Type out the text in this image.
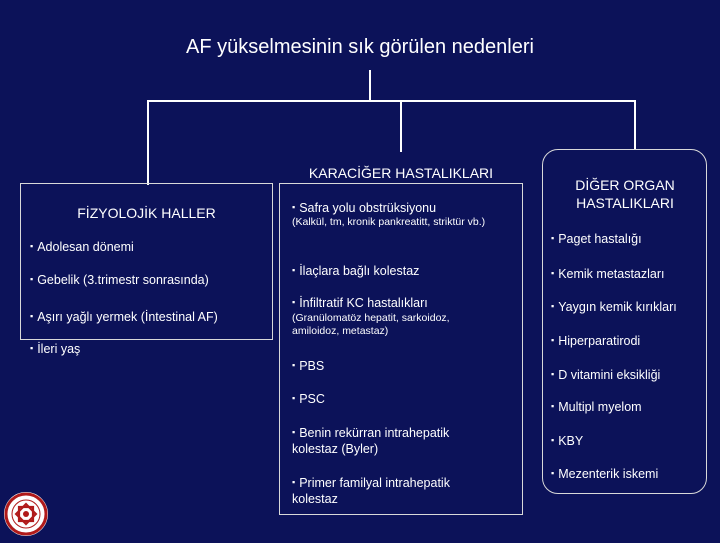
AF yükselmesinin sık görülen nedenleri
FİZYOLOJİK HALLER
▪ Adolesan dönemi
▪ Gebelik (3.trimestr sonrasında)
▪ Aşırı yağlı yermek (İntestinal AF)
▪ İleri yaş
KARACİĞER HASTALIKLARI
▪ Safra yolu obstrüksiyonu
(Kalkül, tm, kronik pankreatitt, striktür vb.)
▪ İlaçlara bağlı kolestaz
▪ İnfiltratif KC hastalıkları
(Granülomatöz hepatit, sarkoidoz, amiloidoz, metastaz)
▪ PBS
▪ PSC
▪ Benin rekürran intrahepatik kolestaz (Byler)
▪ Primer familyal intrahepatik kolestaz
DİĞER ORGAN HASTALIKLARI
▪ Paget hastalığı
▪ Kemik metastazları
▪ Yaygın kemik kırıkları
▪ Hiperparatirodi
▪ D vitamini eksikliği
▪ Multipl myelom
▪ KBY
▪ Mezenterik iskemi
